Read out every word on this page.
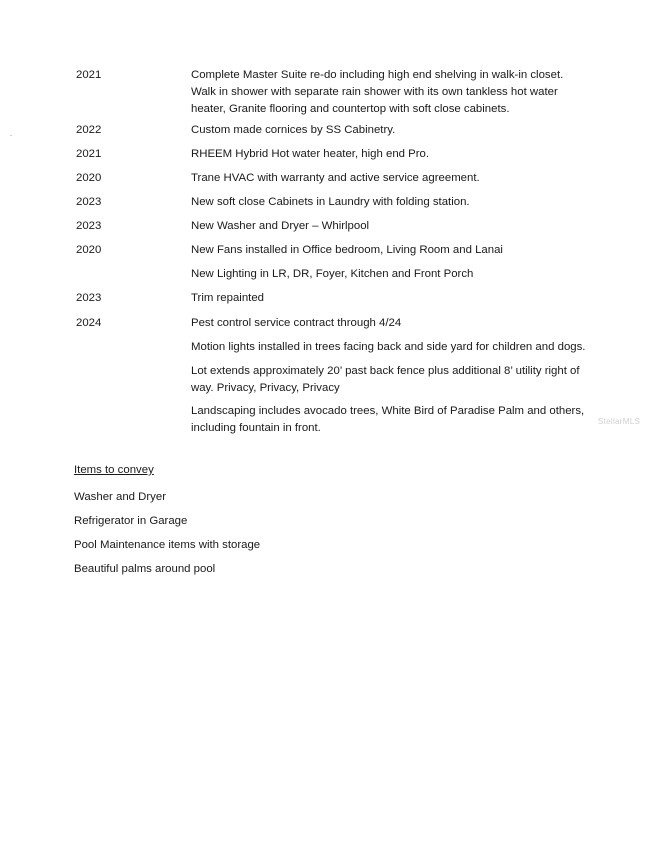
2021	Complete Master Suite re-do including high end shelving in walk-in closet. Walk in shower with separate rain shower with its own tankless hot water heater, Granite flooring and countertop with soft close cabinets.
2022	Custom made cornices by SS Cabinetry.
2021	RHEEM Hybrid Hot water heater, high end Pro.
2020	Trane HVAC with warranty and active service agreement.
2023	New soft close Cabinets in Laundry with folding station.
2023	New Washer and Dryer – Whirlpool
2020	New Fans installed in Office bedroom, Living Room and Lanai
New Lighting in LR, DR, Foyer, Kitchen and Front Porch
2023	Trim repainted
2024	Pest control service contract through 4/24
Motion lights installed in trees facing back and side yard for children and dogs.
Lot extends approximately 20’ past back fence plus additional 8’ utility right of way. Privacy, Privacy, Privacy
Landscaping includes avocado trees, White Bird of Paradise Palm and others, including fountain in front.
Items to convey
Washer and Dryer
Refrigerator in Garage
Pool Maintenance items with storage
Beautiful palms around pool
StellarMLS
